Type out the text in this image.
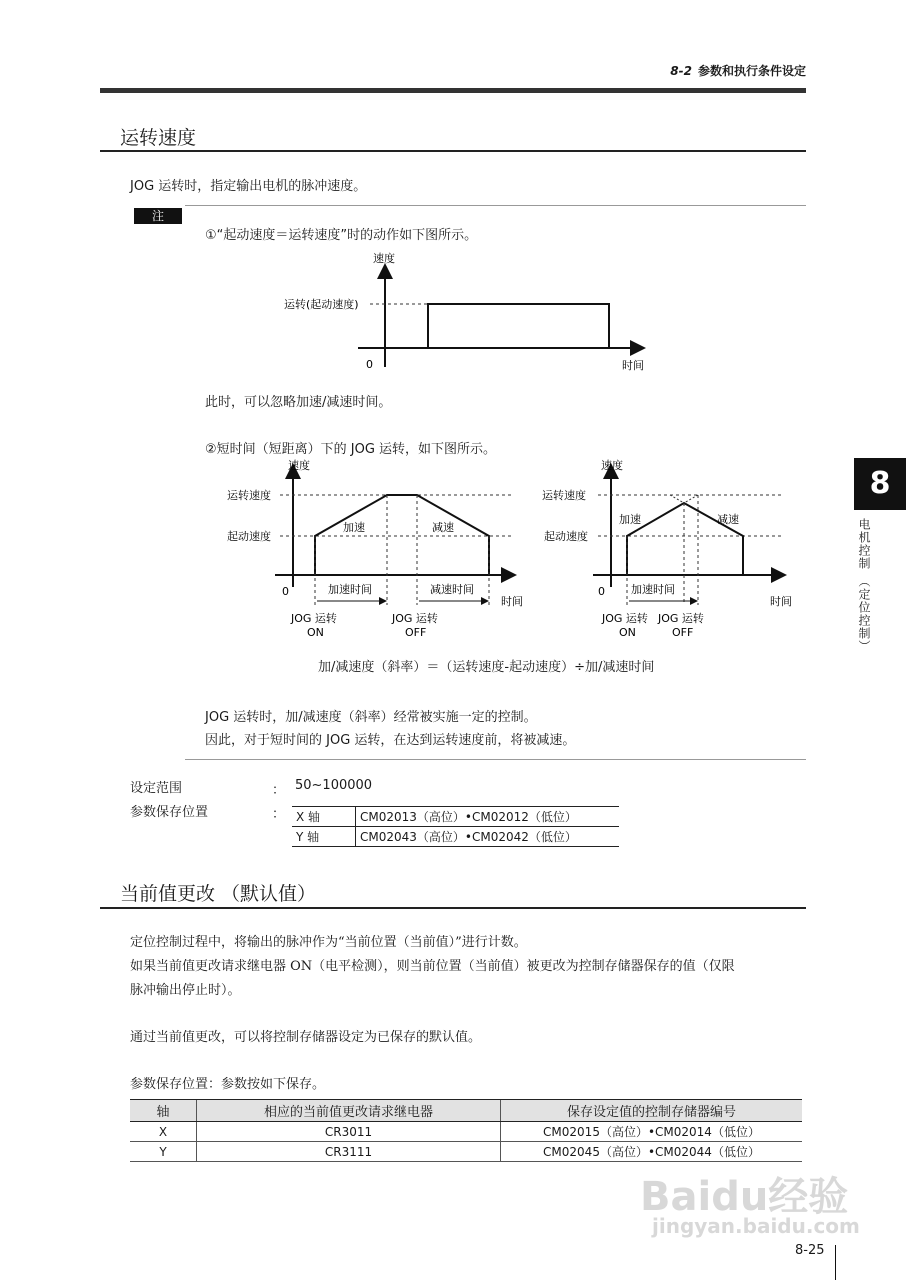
8-2 参数和执行条件设定
8
电机控制 （定位控制）
运转速度
JOG 运转时，指定输出电机的脉冲速度。
注
①“起动速度＝运转速度”时的动作如下图所示。
速度
时间
0
运转(起动速度)
此时，可以忽略加速/减速时间。
②短时间（短距离）下的 JOG 运转，如下图所示。
速度
时间
0
运转速度
起动速度
加速	减速
加速时间	减速时间
JOG 运转
ON
JOG 运转
OFF
速度
时间
0
运转速度
起动速度
加速	减速
加速时间
JOG 运转
ON
JOG 运转
OFF
加/减速度（斜率）＝（运转速度-起动速度）÷加/减速时间
JOG 运转时，加/减速度（斜率）经常被实施一定的控制。
因此，对于短时间的 JOG 运转，在达到运转速度前，将被减速。
设定范围	： 50~100000
参数保存位置	： X 轴	CM02013（高位）•CM02012（低位）
Y 轴	CM02043（高位）•CM02042（低位）
当前值更改 （默认值）
定位控制过程中，将输出的脉冲作为“当前位置（当前值）”进行计数。
如果当前值更改请求继电器 ON（电平检测），则当前位置（当前值）被更改为控制存储器保存的值（仅限
脉冲输出停止时）。
通过当前值更改，可以将控制存储器设定为已保存的默认值。
参数保存位置：参数按如下保存。
轴	相应的当前值更改请求继电器	保存设定值的控制存储器编号
X	CR3011	CM02015（高位）•CM02014（低位）
Y	CR3111	CM02045（高位）•CM02044（低位）
Baidu经验
jingyan.baidu.com
8-25
